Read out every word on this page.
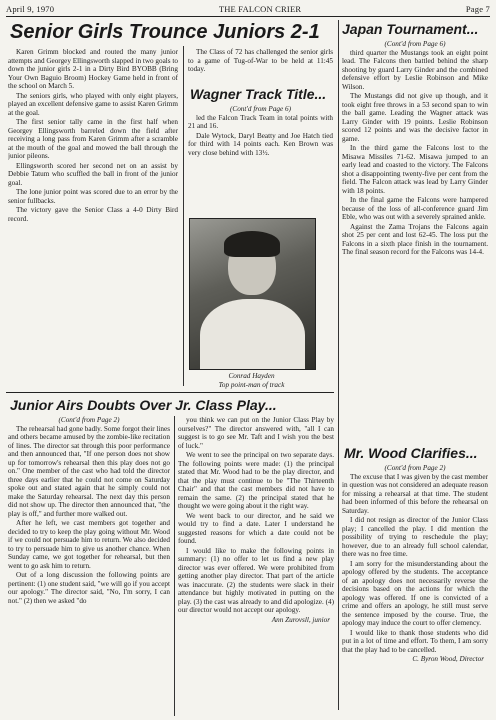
April 9, 1970	THE FALCON CRIER	Page 7
Senior Girls Trounce Juniors 2-1

Karen Grimm blocked and routed the many junior attempts and Georgey Ellingsworth slapped in two goals to down the junior girls 2-1 in a Dirty Bird BYOBB (Bring Your Own Baguio Broom) Hockey Game held in front of the school on March 5.

The seniors girls, who played with only eight players, played an excellent defensive game to assist Karen Grimm at the goal.

The first senior tally came in the first half when Georgey Ellingsworth barreled down the field after receiving a long pass from Karen Grimm after a scramble at the mouth of the goal and mowed the ball through the junior pileons.

Ellingsworth scored her second net on an assist by Debbie Tatum who scuffled the ball in front of the junior goal.

The lone junior point was scored due to an error by the senior fullbacks.

The victory gave the Senior Class a 4-0 Dirty Bird record.

The Class of 72 has challenged the senior girls to a game of Tug-of-War to be held at 11:45 today.

Wagner Track Title...
(Cont'd from Page 6)

led the Falcon Track Team in total points with 21 and 16.

Dale Wytock, Daryl Beatty and Joe Hatch tied for third with 14 points each. Ken Brown was very close behind with 13½.

Conrad Hayden
Top point-man of track
Japan Tournament...
(Cont'd from Page 6)

third quarter the Mustangs took an eight point lead. The Falcons then battled behind the sharp shooting by guard Larry Ginder and the combined defensive effort by Leslie Robinson and Mike Wilson.

The Mustangs did not give up though, and it took eight free throws in a 53 second span to win the ball game. Leading the Wagner attack was Larry Ginder with 19 points. Leslie Robinson scored 12 points and was the decisive factor in game.

In the third game the Falcons lost to the Misawa Missiles 71-62. Misawa jumped to an early lead and coasted to the victory. The Falcons shot a disappointing twenty-five per cent from the field. The Falcon attack was lead by Larry Ginder with 18 points.

In the final game the Falcons were hampered because of the loss of all-conference guard Jim Eble, who was out with a severely sprained ankle.

Against the Zama Trojans the Falcons again shot 25 per cent and lost 62-45. The loss put the Falcons in a sixth place finish in the tournament. The final season record for the Falcons was 14-4.

Mr. Wood Clarifies...
(Cont'd from Page 2)

The excuse that I was given by the cast member in question was not considered an adequate reason for missing a rehearsal at that time. The student had been informed of this before the rehearsal on Saturday.

I did not resign as director of the Junior Class play; I cancelled the play. I did mention the possibility of trying to reschedule the play; however, due to an already full school calendar, there was no free time.

I am sorry for the misunderstanding about the apology offered by the students. The acceptance of an apology does not necessarily reverse the decisions based on the actions for which the apology was offered. If one is convicted of a crime and offers an apology, he still must serve the sentence imposed by the course. True, the apology may induce the court to offer clemency.

I would like to thank those students who did put in a lot of time and effort. To them, I am sorry that the play had to be cancelled.

C. Byron Wood, Director
Junior Airs Doubts Over Jr. Class Play...
(Cont'd from Page 2)

The rehearsal had gone badly. Some forgot their lines and others became amused by the zombie-like recitation of lines. The director sat through this poor performance and then announced that, "If one person does not show up for tomorrow's rehearsal then this play does not go on." One member of the cast who had told the director three days earlier that he could not come on Saturday spoke out and stated again that he simply could not make the Saturday rehearsal. The next day this person did not show up. The director then announced that, "the play is off," and further more walked out.

After he left, we cast members got together and decided to try to keep the play going without Mr. Wood if we could not persuade him to return. We also decided to try to persuade him to give us another chance. When Sunday came, we got together for rehearsal, but then went to go ask him to return.

Out of a long discussion the following points are pertinent: (1) one student said, "we will go if you accept our apology." The director said, "No, I'm sorry, I can not." (2) then we asked "do

you think we can put on the Junior Class Play by ourselves?" The director answered with, "all I can suggest is to go see Mr. Taft and I wish you the best of luck."

We went to see the principal on two separate days. The following points were made: (1) the principal stated that Mr. Wood had to be the play director, and that the play must continue to be "The Thirteenth Chair" and that the cast members did not have to remain the same. (2) the principal stated that he thought we were going about it the right way.

We went back to our director, and he said we would try to find a date. Later I understand he suggested reasons for which a date could not be found.

I would like to make the following points in summary: (1) no offer to let us find a new play director was ever offered. We were prohibited from getting another play director. That part of the article was inaccurate. (2) the students were slack in their attendance but highly motivated in putting on the play. (3) the cast was already to and did apologize. (4) our director would not accept our apology.

Ann Zurovsll, junior
